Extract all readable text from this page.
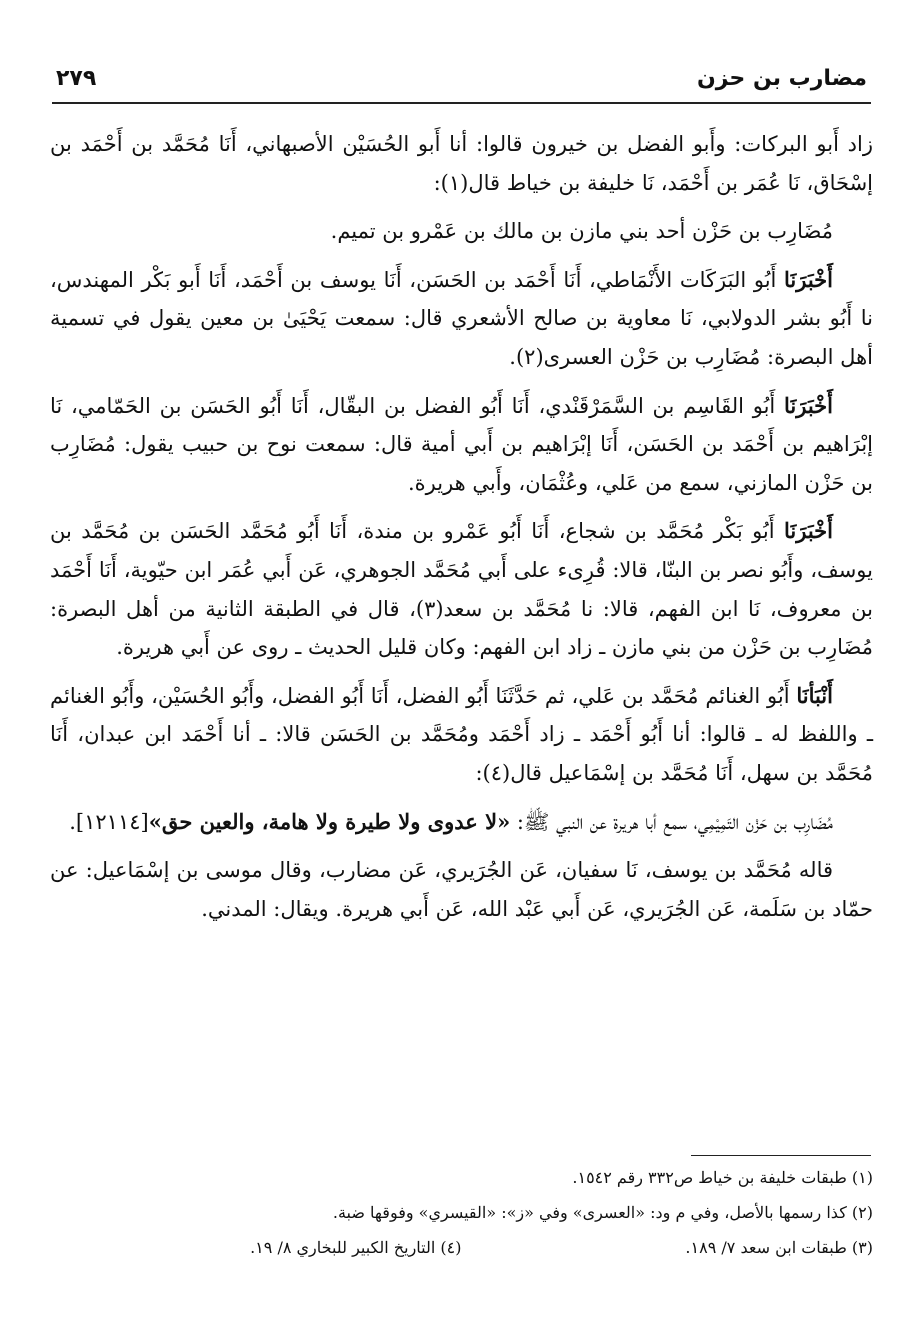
مضارب بن حزن
٢٧٩

زاد أَبو البركات: وأَبو الفضل بن خيرون قالوا: أنا أَبو الحُسَيْن الأصبهاني، أَنَا مُحَمَّد بن أَحْمَد بن إسْحَاق، نَا عُمَر بن أَحْمَد، نَا خليفة بن خياط قال(١):

مُضَارِب بن حَزْن أحد بني مازن بن مالك بن عَمْرو بن تميم.

أَخْبَرَنَا أَبُو البَرَكَات الأَنْمَاطي، أَنَا أَحْمَد بن الحَسَن، أَنَا يوسف بن أَحْمَد، أَنَا أَبو بَكْر المهندس، نا أَبُو بشر الدولابي، نَا معاوية بن صالح الأشعري قال: سمعت يَحْيَىٰ بن معين يقول في تسمية أهل البصرة: مُضَارِب بن حَزْن العسرى(٢).

أَخْبَرَنَا أَبُو القَاسِم بن السَّمَرْقَنْدي، أَنَا أَبُو الفضل بن البقّال، أَنَا أَبُو الحَسَن بن الحَمّامي، نَا إبْرَاهيم بن أَحْمَد بن الحَسَن، أَنَا إبْرَاهيم بن أَبي أمية قال: سمعت نوح بن حبيب يقول: مُضَارِب بن حَزْن المازني، سمع من عَلي، وعُثْمَان، وأَبي هريرة.

أَخْبَرَنَا أَبُو بَكْر مُحَمَّد بن شجاع، أَنَا أَبُو عَمْرو بن مندة، أَنَا أَبُو مُحَمَّد الحَسَن بن مُحَمَّد بن يوسف، وأَبُو نصر بن البنّا، قالا: قُرِىء على أَبي مُحَمَّد الجوهري، عَن أَبي عُمَر ابن حيّوية، أَنَا أَحْمَد بن معروف، نَا ابن الفهم، قالا: نا مُحَمَّد بن سعد(٣)، قال في الطبقة الثانية من أهل البصرة: مُضَارِب بن حَزْن من بني مازن ـ زاد ابن الفهم: وكان قليل الحديث ـ روى عن أَبي هريرة.

أَنْبَأنَا أَبُو الغنائم مُحَمَّد بن عَلي، ثم حَدَّثَنَا أَبُو الفضل، أَنَا أَبُو الفضل، وأَبُو الحُسَيْن، وأَبُو الغنائم ـ واللفظ له ـ قالوا: أنا أَبُو أَحْمَد ـ زاد أَحْمَد ومُحَمَّد بن الحَسَن قالا: ـ أنا أَحْمَد ابن عبدان، أَنَا مُحَمَّد بن سهل، أَنَا مُحَمَّد بن إسْمَاعيل قال(٤):

مُضَارِب بن حَزْن التَمِيْمِي، سمع أبا هريرة عن النبي ﷺ: «لا عدوى ولا طيرة ولا هامة، والعين حق»[١٢١١٤].

قاله مُحَمَّد بن يوسف، نَا سفيان، عَن الجُرَيري، عَن مضارب، وقال موسى بن إسْمَاعيل: عن حمّاد بن سَلَمة، عَن الجُرَيري، عَن أَبي عَبْد الله، عَن أَبي هريرة. ويقال: المدني.

(١) طبقات خليفة بن خياط ص٣٣٢ رقم ١٥٤٢.
(٢) كذا رسمها بالأصل، وفي م ود: «العسرى» وفي «ز»: «القيسري» وفوقها ضبة.
(٣) طبقات ابن سعد ٧/ ١٨٩.
(٤) التاريخ الكبير للبخاري ٨/ ١٩.
